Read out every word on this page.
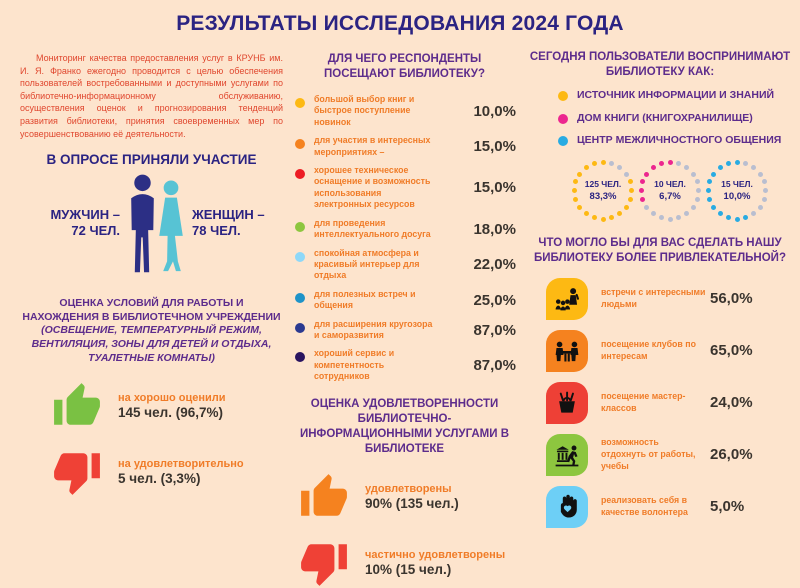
РЕЗУЛЬТАТЫ ИССЛЕДОВАНИЯ 2024 ГОДА
Мониторинг качества предоставления услуг в КРУНБ им. И. Я. Франко ежегодно проводится с целью обеспечения пользователей востребованными и доступными услугами по библиотечно-информационному обслуживанию, осуществления оценок и прогнозирования тенденций развития библиотеки, принятия своевременных мер по усовершенствованию её деятельности.
В ОПРОСЕ ПРИНЯЛИ УЧАСТИЕ
МУЖЧИН –
72 ЧЕЛ.
ЖЕНЩИН –
78 ЧЕЛ.
ОЦЕНКА УСЛОВИЙ ДЛЯ РАБОТЫ И НАХОЖДЕНИЯ В БИБЛИОТЕЧНОМ УЧРЕЖДЕНИИ
(ОСВЕЩЕНИЕ, ТЕМПЕРАТУРНЫЙ РЕЖИМ, ВЕНТИЛЯЦИЯ, ЗОНЫ ДЛЯ ДЕТЕЙ И ОТДЫХА, ТУАЛЕТНЫЕ КОМНАТЫ)
на хорошо оценили
145 чел. (96,7%)
на удовлетворительно
5 чел. (3,3%)
ДЛЯ ЧЕГО РЕСПОНДЕНТЫ ПОСЕЩАЮТ БИБЛИОТЕКУ?
большой выбор книг и быстрое поступление новинок
10,0%
для участия в интересных мероприятиях –	15,0%
хорошее техническое оснащение и возможность использования электронных ресурсов
15,0%
для проведения интеллектуального досуга	18,0%
спокойная атмосфера и красивый интерьер для отдыха
22,0%
для полезных встреч и общения	25,0%
для расширения кругозора и саморазвития	87,0%
хороший сервис и компетентность сотрудников
87,0%
ОЦЕНКА УДОВЛЕТВОРЕННОСТИ БИБЛИОТЕЧНО-ИНФОРМАЦИОННЫМИ УСЛУГАМИ В БИБЛИОТЕКЕ
удовлетворены
90% (135 чел.)
частично удовлетворены
10% (15 чел.)
СЕГОДНЯ ПОЛЬЗОВАТЕЛИ ВОСПРИНИМАЮТ БИБЛИОТЕКУ КАК:
ИСТОЧНИК ИНФОРМАЦИИ И ЗНАНИЙ
ДОМ КНИГИ (КНИГОХРАНИЛИЩЕ)
ЦЕНТР МЕЖЛИЧНОСТНОГО ОБЩЕНИЯ
125 ЧЕЛ.
83,3%
10 ЧЕЛ.
6,7%
15 ЧЕЛ.
10,0%
ЧТО МОГЛО БЫ ДЛЯ ВАС СДЕЛАТЬ НАШУ БИБЛИОТЕКУ БОЛЕЕ ПРИВЛЕКАТЕЛЬНОЙ?
встречи с интересными людьми	56,0%
посещение клубов по интересам	65,0%
посещение мастер-классов	24,0%
возможность отдохнуть от работы, учебы
26,0%
реализовать себя в качестве волонтера	5,0%
